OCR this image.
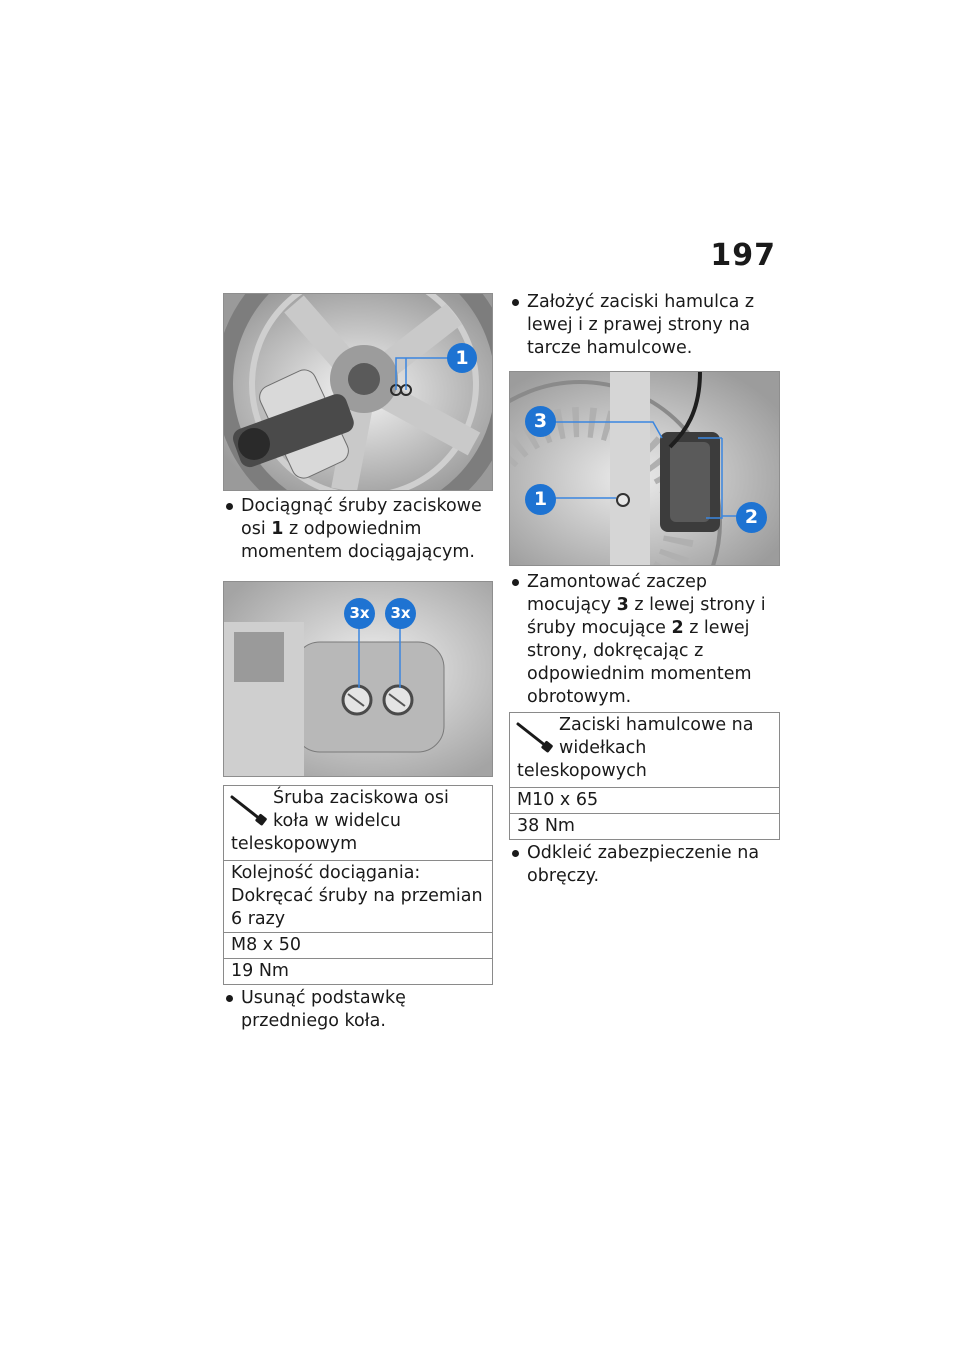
197
1

Dociągnąć śruby zaciskowe osi 1 z odpowiednim momentem dociągającym.

3x	3x
Śruba zaciskowa osi koła w widelcu teleskopowym
Kolejność dociągania: Dokręcać śruby na przemian 6 razy
M8 x 50
19 Nm

Usunąć podstawkę przedniego koła.

Założyć zaciski hamulca z lewej i z prawej strony na tarcze hamulcowe.

3
1
2

Zamontować zaczep mocujący 3 z lewej strony i śruby mocujące 2 z lewej strony, dokręcając z odpowiednim momentem obrotowym.

Zaciski hamulcowe na widełkach teleskopowych
M10 x 65
38 Nm

Odkleić zabezpieczenie na obręczy.
